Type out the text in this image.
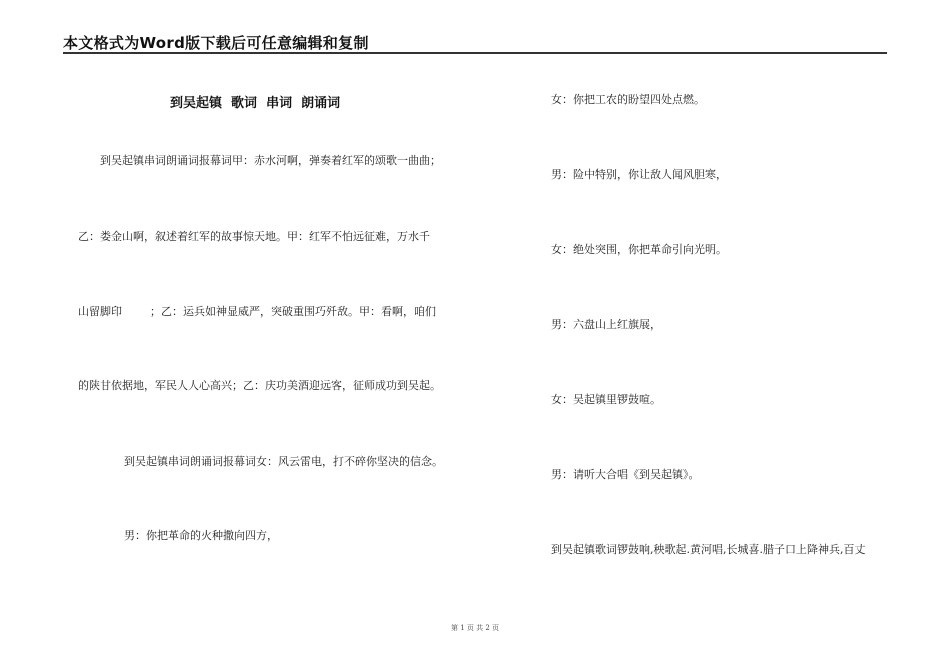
本文格式为Word版下载后可任意编辑和复制
到吴起镇  歌词  串词  朗诵词
到吴起镇串词朗诵词报幕词甲：赤水河啊，弹奏着红军的颂歌一曲曲；
乙：娄金山啊，叙述着红军的故事惊天地。甲：红军不怕远征难，万水千
山留脚印        ；乙：运兵如神显威严，突破重围巧歼敌。甲：看啊，咱们
的陕甘依据地，军民人人心高兴；乙：庆功美酒迎远客，征师成功到吴起。
到吴起镇串词朗诵词报幕词女：风云雷电，打不碎你坚决的信念。
男：你把革命的火种撒向四方，
女：你把工农的盼望四处点燃。
男：险中特别，你让敌人闻风胆寒，
女：绝处突围，你把革命引向光明。
男：六盘山上红旗展，
女：吴起镇里锣鼓喧。
男：请听大合唱《到吴起镇》。
到吴起镇歌词锣鼓响,秧歌起.黄河唱,长城喜.腊子口上降神兵,百丈
第 1 页 共 2 页
